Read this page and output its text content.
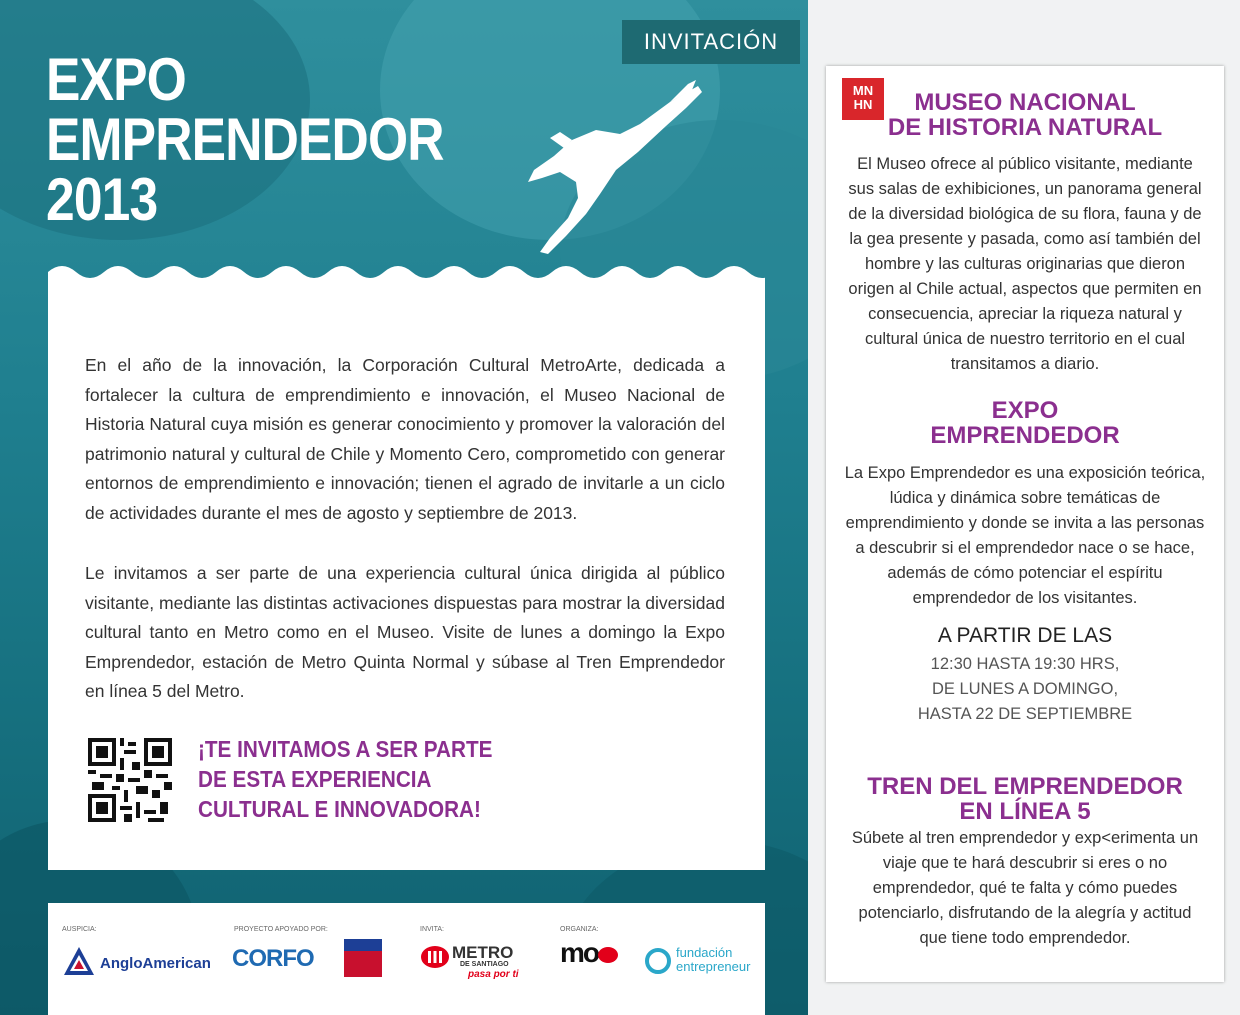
EXPO
EMPRENDEDOR
2013
INVITACIÓN
En el año de la innovación, la Corporación Cultural MetroArte, dedicada a fortalecer la cultura de emprendimiento e innovación, el Museo Nacional de Historia Natural cuya misión es generar conocimiento y promover la valoración del patrimonio natural y cultural de Chile y Momento Cero, comprometido con generar entornos de emprendimiento e innovación; tienen el agrado de invitarle a un ciclo de actividades durante el mes de agosto y septiembre de 2013.
Le invitamos a ser parte de una experiencia cultural única dirigida al público visitante, mediante las distintas activaciones dispuestas para mostrar la diversidad cultural tanto en Metro como en el Museo. Visite de lunes a domingo la Expo Emprendedor, estación de Metro Quinta Normal y súbase al Tren Emprendedor en línea 5 del Metro.
¡TE INVITAMOS A SER PARTE
DE ESTA EXPERIENCIA
CULTURAL E INNOVADORA!
AUSPICIA:	PROYECTO APOYADO POR:	INVITA:	ORGANIZA:
AngloAmerican CORFO	METRO
DE SANTIAGO
pasa por ti
mo	fundación
entrepreneur
MN HN	MUSEO NACIONAL
DE HISTORIA NATURAL
El Museo ofrece al público visitante, mediante sus salas de exhibiciones, un panorama general de la diversidad biológica de su flora, fauna y de la gea presente y pasada, como así también del hombre y las culturas originarias que dieron origen al Chile actual, aspectos que permiten en consecuencia, apreciar la riqueza natural y cultural única de nuestro territorio en el cual transitamos a diario.
EXPO
EMPRENDEDOR
La Expo Emprendedor es una exposición teórica, lúdica y dinámica sobre temáticas de emprendimiento y donde se invita a las personas a descubrir si el emprendedor nace o se hace, además de cómo potenciar el espíritu emprendedor de los visitantes.
A PARTIR DE LAS
12:30 HASTA 19:30 HRS,
DE LUNES A DOMINGO,
HASTA 22 DE SEPTIEMBRE
TREN DEL EMPRENDEDOR
EN LÍNEA 5
Súbete al tren emprendedor y exp<erimenta un viaje que te hará descubrir si eres o no emprendedor, qué te falta y cómo puedes potenciarlo, disfrutando de la alegría y actitud que tiene todo emprendedor.
